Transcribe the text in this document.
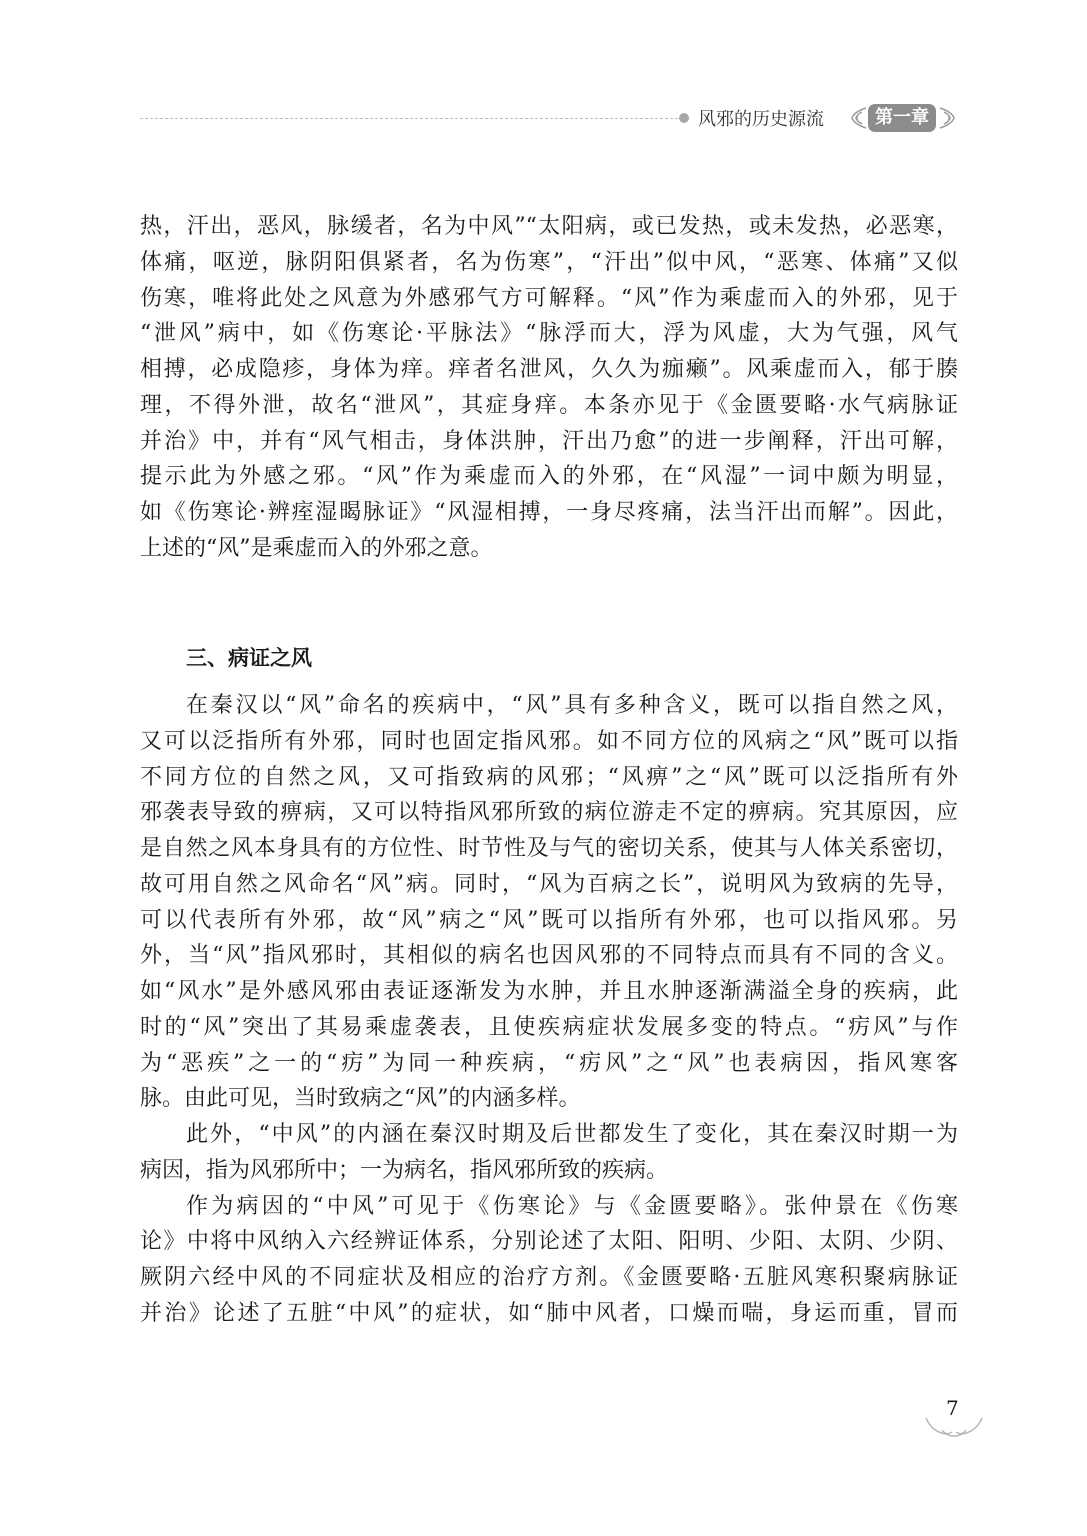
风邪的历史源流	第一章
热，汗出，恶风，脉缓者，名为中风”“太阳病，或已发热，或未发热，必恶寒，
体痛，呕逆，脉阴阳俱紧者，名为伤寒”，“汗出”似中风，“恶寒、体痛”又似
伤寒，唯将此处之风意为外感邪气方可解释。“风”作为乘虚而入的外邪，见于
“泄风”病中，如《伤寒论·平脉法》“脉浮而大，浮为风虚，大为气强，风气
相搏，必成隐疹，身体为痒。痒者名泄风，久久为痂癞”。风乘虚而入，郁于腠
理，不得外泄，故名“泄风”，其症身痒。本条亦见于《金匮要略·水气病脉证
并治》中，并有“风气相击，身体洪肿，汗出乃愈”的进一步阐释，汗出可解，
提示此为外感之邪。“风”作为乘虚而入的外邪，在“风湿”一词中颇为明显，
如《伤寒论·辨痓湿暍脉证》“风湿相搏，一身尽疼痛，法当汗出而解”。因此，
上述的“风”是乘虚而入的外邪之意。
三、病证之风
在秦汉以“风”命名的疾病中，“风”具有多种含义，既可以指自然之风，
又可以泛指所有外邪，同时也固定指风邪。如不同方位的风病之“风”既可以指
不同方位的自然之风，又可指致病的风邪；“风痹”之“风”既可以泛指所有外
邪袭表导致的痹病，又可以特指风邪所致的病位游走不定的痹病。究其原因，应
是自然之风本身具有的方位性、时节性及与气的密切关系，使其与人体关系密切，
故可用自然之风命名“风”病。同时，“风为百病之长”，说明风为致病的先导，
可以代表所有外邪，故“风”病之“风”既可以指所有外邪，也可以指风邪。另
外，当“风”指风邪时，其相似的病名也因风邪的不同特点而具有不同的含义。
如“风水”是外感风邪由表证逐渐发为水肿，并且水肿逐渐满溢全身的疾病，此
时的“风”突出了其易乘虚袭表，且使疾病症状发展多变的特点。“疠风”与作
为“恶疾”之一的“疠”为同一种疾病，“疠风”之“风”也表病因，指风寒客
脉。由此可见，当时致病之“风”的内涵多样。
此外，“中风”的内涵在秦汉时期及后世都发生了变化，其在秦汉时期一为
病因，指为风邪所中；一为病名，指风邪所致的疾病。
作为病因的“中风”可见于《伤寒论》与《金匮要略》。张仲景在《伤寒
论》中将中风纳入六经辨证体系，分别论述了太阳、阳明、少阳、太阴、少阴、
厥阴六经中风的不同症状及相应的治疗方剂。《金匮要略·五脏风寒积聚病脉证
并治》论述了五脏“中风”的症状，如“肺中风者，口燥而喘，身运而重，冒而
7
